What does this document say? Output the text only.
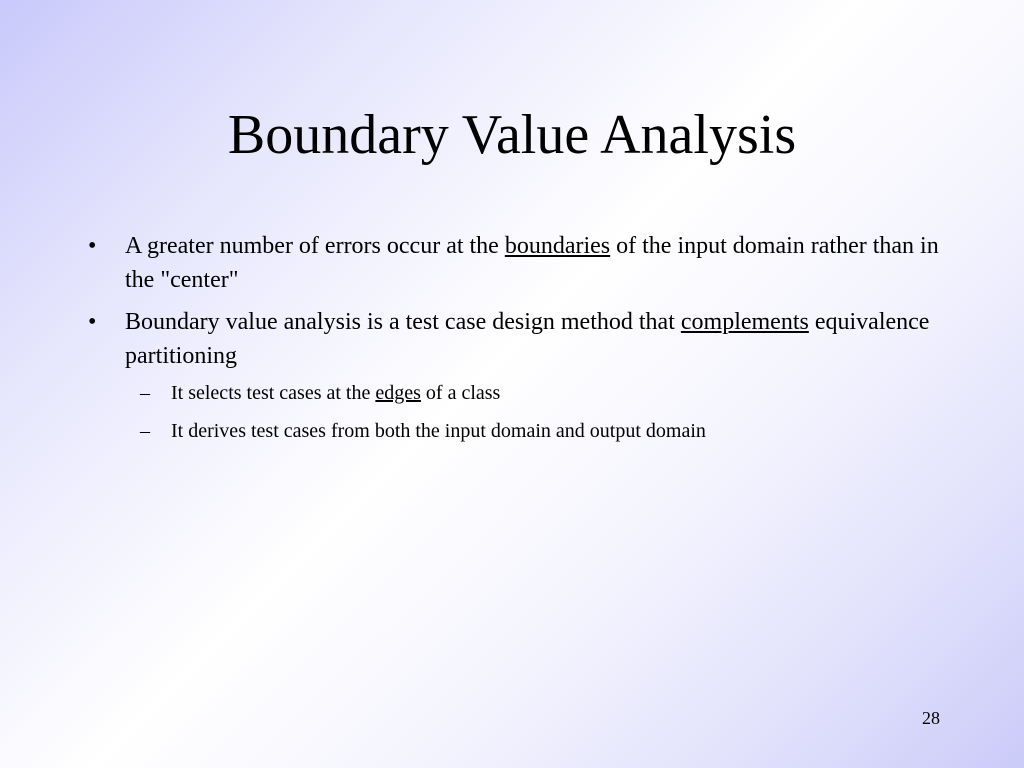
Boundary Value Analysis

• A greater number of errors occur at the boundaries of the input domain rather than in the "center"

• Boundary value analysis is a test case design method that complements equivalence partitioning

– It selects test cases at the edges of a class

– It derives test cases from both the input domain and output domain

28
